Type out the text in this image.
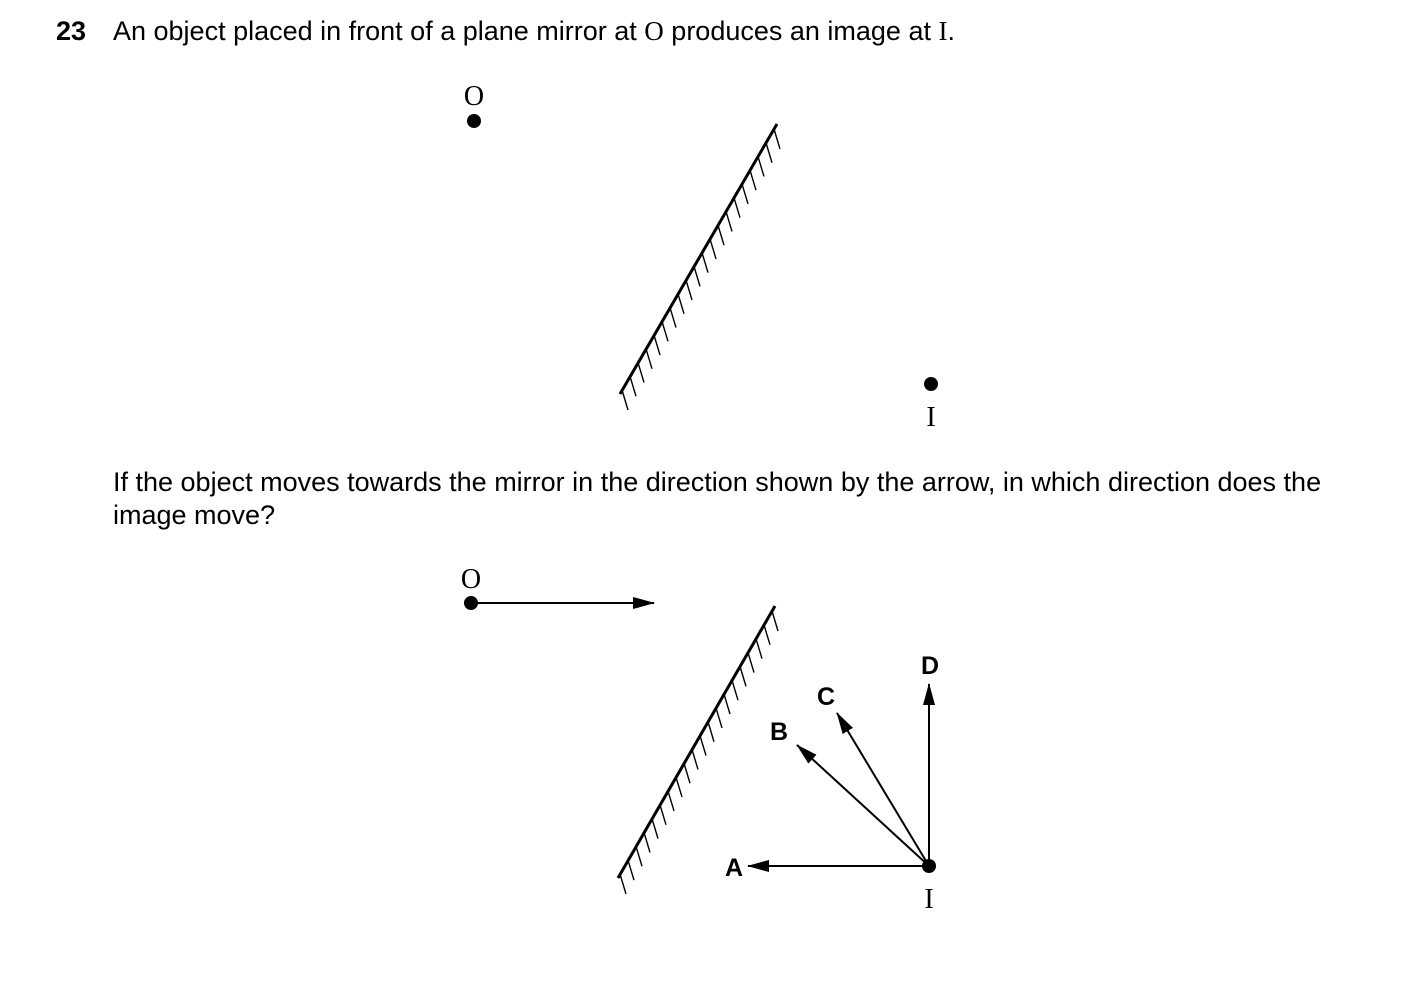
23 An object placed in front of a plane mirror at O produces an image at I.
If the object moves towards the mirror in the direction shown by the arrow, in which direction does the image move?
O
I
O
I
A
B
C
D
